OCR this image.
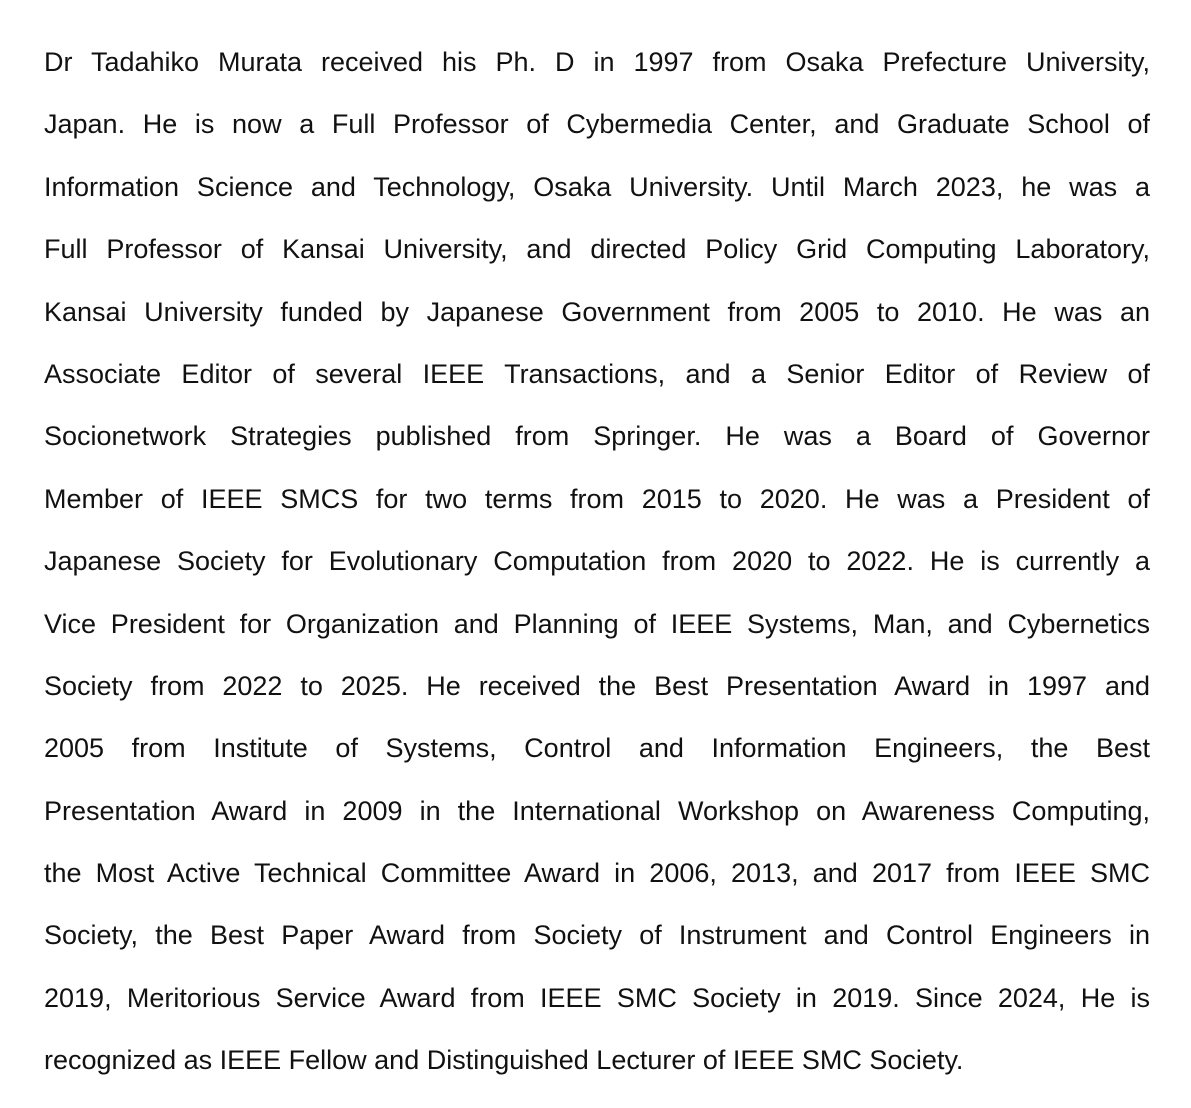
Dr Tadahiko Murata received his Ph. D in 1997 from Osaka Prefecture University,
Japan. He is now a Full Professor of Cybermedia Center, and Graduate School of
Information Science and Technology, Osaka University. Until March 2023, he was a
Full Professor of Kansai University, and directed Policy Grid Computing Laboratory,
Kansai University funded by Japanese Government from 2005 to 2010. He was an
Associate Editor of several IEEE Transactions, and a Senior Editor of Review of
Socionetwork Strategies published from Springer. He was a Board of Governor
Member of IEEE SMCS for two terms from 2015 to 2020. He was a President of
Japanese Society for Evolutionary Computation from 2020 to 2022. He is currently a
Vice President for Organization and Planning of IEEE Systems, Man, and Cybernetics
Society from 2022 to 2025. He received the Best Presentation Award in 1997 and
2005 from Institute of Systems, Control and Information Engineers, the Best
Presentation Award in 2009 in the International Workshop on Awareness Computing,
the Most Active Technical Committee Award in 2006, 2013, and 2017 from IEEE SMC
Society, the Best Paper Award from Society of Instrument and Control Engineers in
2019, Meritorious Service Award from IEEE SMC Society in 2019. Since 2024, He is
recognized as IEEE Fellow and Distinguished Lecturer of IEEE SMC Society.
